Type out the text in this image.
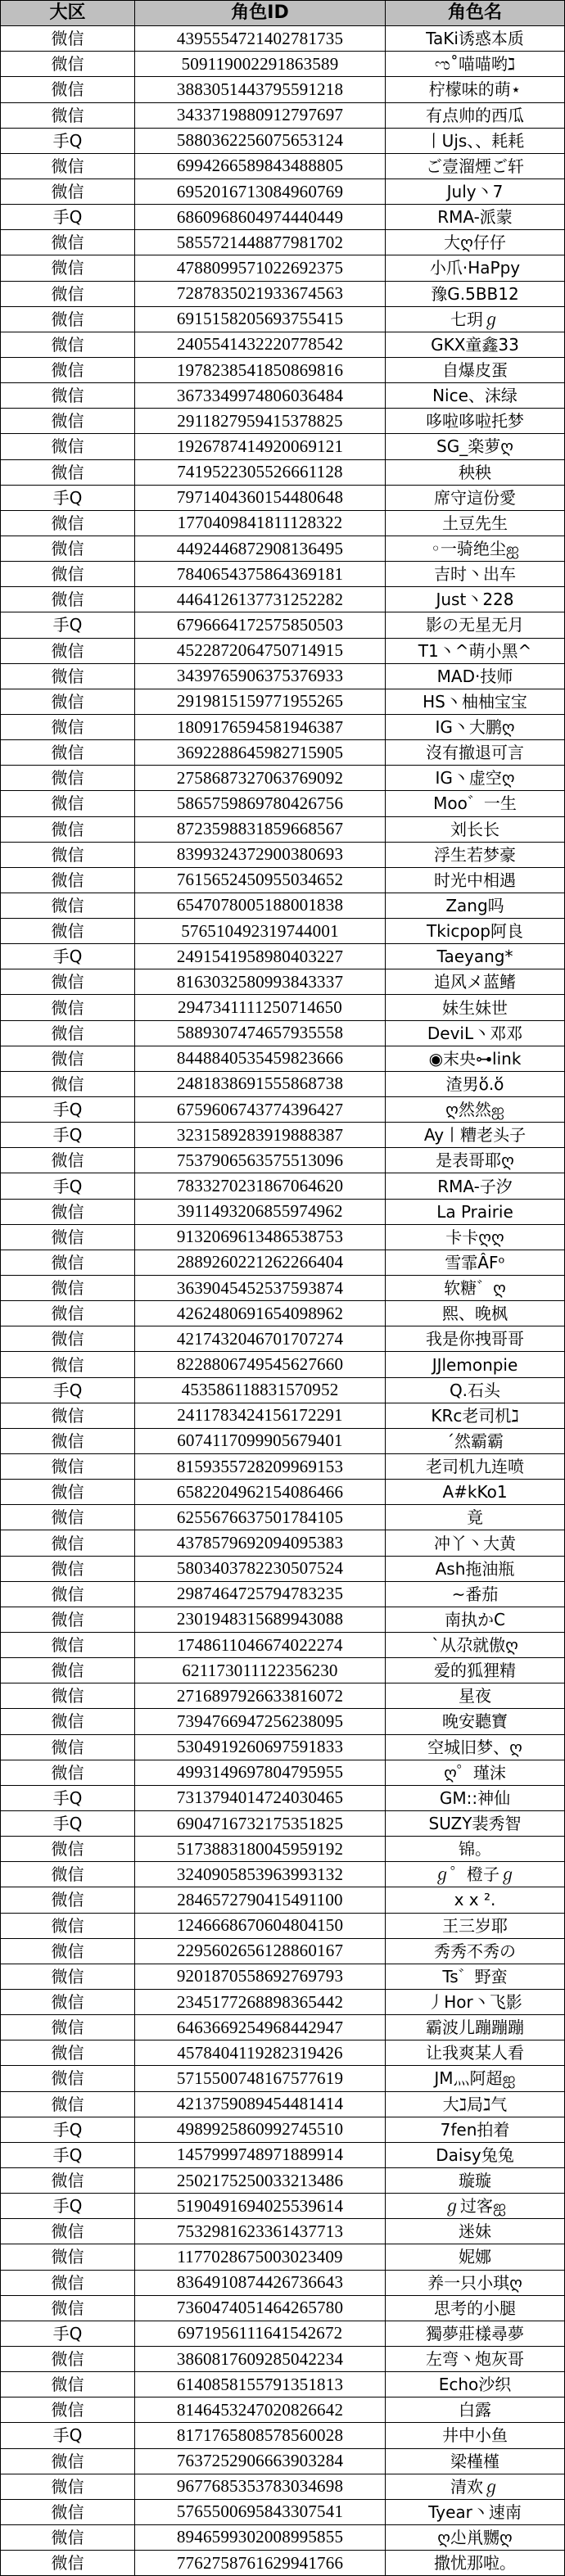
大区	角色ID	角色名
微信	4395554721402781735	TaKi诱惑本质
微信	509119002291863589	ಌ˚喵喵哟ℷ
微信	3883051443795591218	柠檬味的萌⋆
微信	3433719880912797697	有点帅的西瓜
手Q	5880362256075653124	丨Ujs、、耗耗
微信	6994266589843488805	ご壹溜煙ご轩
微信	6952016713084960769	July丶7
手Q	6860968604974440449	RMA-派蒙
微信	5855721448877981702	大ღ仔仔
微信	4788099571022692375	小爪·HaPpy
微信	7287835021933674563	豫G.5BB12
微信	6915158205693755415	七玥ℊ
微信	2405541432220778542	GKX童鑫33
微信	1978238541850869816	自爆皮蛋
微信	3673349974806036484	Nice、沫绿
微信	2911827959415378825	哆啦哆啦托梦
微信	1926787414920069121	SG_楽萝ღ
微信	7419522305526661128	秧秧
手Q	7971404360154480648	席守這份愛
微信	1770409841811128322	土豆先生
微信	4492446872908136495	◦一骑绝尘ஐ
微信	7840654375864369181	吉时丶出车
微信	4464126137731252282	Just丶228
手Q	6796664172575850503	影の无星无月
微信	4522872064750714915	T1丶^萌小黑^
微信	3439765906375376933	MAD·技师
微信	2919815159771955265	HS丶柚柚宝宝
微信	1809176594581946387	IG丶大鹏ღ
微信	3692288645982715905	沒有撤退可言
微信	2758687327063769092	IG丶虚空ღ
微信	5865759869780426756	Moo゛一生
微信	8723598831859668567	刘长长
微信	8399324372900380693	浮生若梦豪
微信	7615652450955034652	时光中相遇
微信	6547078005188001838	Zang吗
微信	576510492319744001	Tkicpop阿良
手Q	2491541958980403227	Taeyang*
微信	8163032580993843337	追风メ蓝鳍
微信	2947341111250714650	妹生妹世
微信	5889307474657935558	DeviL丶邓邓
微信	8448840535459823666	◉末央⊶link
微信	2481838691555868738	渣男ὅ.ὅ
手Q	6759606743774396427	ღ然然ஐ
手Q	3231589283919888387	Ay丨糟老头子
微信	7537906563575513096	是表哥耶ღ
手Q	7833270231867064620	RMA-子汐
微信	3911493206855974962	La Prairie
微信	9132069613486538753	卡卡ღღ
微信	2889260221262266404	雪霏ÂFᵒ
微信	3639045452537593874	软糖゛ღ
微信	4262480691654098962	熙、晚枫
微信	4217432046701707274	我是你拽哥哥
微信	8228806749545627660	JJlemonpie
手Q	453586118831570952	Q.石头
微信	2411783424156172291	KRc老司机ℷ
微信	6074117099905679401	ˊ然霸霸
微信	8159355728209969153	老司机九连喷
微信	6582204962154086466	A#kKo1
微信	6255676637501784105	竟
微信	4378579692094095383	冲丫丶大黄
微信	5803403782230507524	Ash拖油瓶
微信	2987464725794783235	~番茄
微信	2301948315689943088	南执かC
微信	1748611046674022274	ˋ从尕就傲ღ
微信	621173011122356230	爱的狐狸精
微信	2716897926633816072	星夜
微信	7394766947256238095	晚安聽寶
微信	5304919260697591833	空城旧梦、ღ
微信	4993149697804795955	ღ゜瑾沫
手Q	7313794014724030465	GM::神仙
手Q	6904716732175351825	SUZY裴秀智
微信	5173883180045959192	锦。
微信	3240905853963993132	ℊ゜橙子ℊ
微信	2846572790415491100	x x ².
微信	1246668670604804150	王三岁耶
微信	2295602656128860167	秀秀不秀の
微信	9201870558692769793	Ts゛野蛮
微信	2345177268898365442	丿Hor丶飞影
微信	6463669254968442947	霸波儿蹦蹦蹦
微信	4578404119282319426	让我爽某人看
微信	5715500748167577619	JM灬阿超ஐ
微信	4213759089454481414	大ℷ局ℷ气
手Q	4989925860992745510	7fen拍着
手Q	1457999748971889914	Daisy兔兔
微信	2502175250033213486	璇璇
手Q	5190491694025539614	ℊ过客ஐ
微信	7532981623361437713	迷妹
微信	1177028675003023409	妮娜
微信	8364910874426736643	养一只小琪ღ
微信	7360474051464265780	思考的小腿
手Q	6971956111641542672	獨夢莊樣尋夢
微信	3860817609285042234	左弯丶炮灰哥
微信	6140858155791351813	Echo沙织
微信	8146453247020826642	白露
手Q	8171765808578560028	井中小鱼
微信	7637252906663903284	梁槿槿
微信	9677685353783034698	清欢ℊ
微信	5765500695843307541	Tyear丶速南
微信	8946599302008995855	ღ尐鼡嬲ღ
微信	7762758761629941766	撒忧那啦。
